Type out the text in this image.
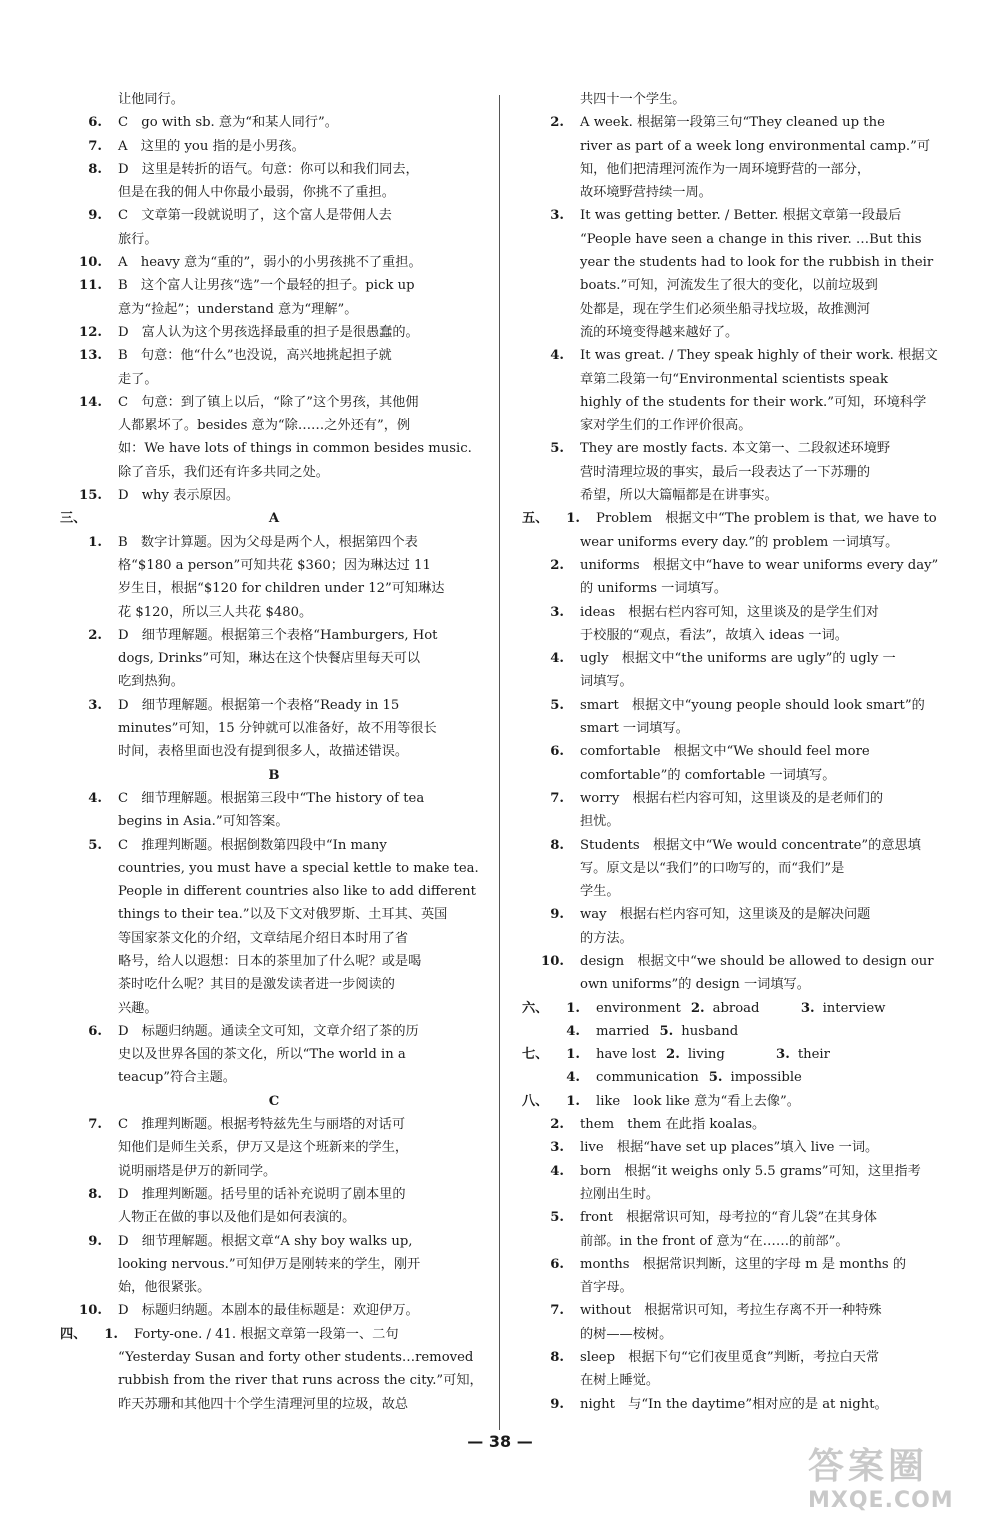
让他同行。
6. C　go with sb. 意为“和某人同行”。
7. A　这里的 you 指的是小男孩。
8. D　这里是转折的语气。句意：你可以和我们同去，
但是在我的佣人中你最小最弱，你挑不了重担。
9. C　文章第一段就说明了，这个富人是带佣人去
旅行。
10. A　heavy 意为“重的”，弱小的小男孩挑不了重担。
11. B　这个富人让男孩“选”一个最轻的担子。pick up
意为“捡起”；understand 意为“理解”。
12. D　富人认为这个男孩选择最重的担子是很愚蠢的。
13. B　句意：他“什么”也没说，高兴地挑起担子就
走了。
14. C　句意：到了镇上以后，“除了”这个男孩，其他佣
人都累坏了。besides 意为“除……之外还有”，例
如：We have lots of things in common besides music.
除了音乐，我们还有许多共同之处。
15. D　why 表示原因。
三、	A
1. B　数字计算题。因为父母是两个人，根据第四个表
格“$180 a person”可知共花 $360；因为琳达过 11
岁生日，根据“$120 for children under 12”可知琳达
花 $120，所以三人共花 $480。
2. D　细节理解题。根据第三个表格“Hamburgers, Hot
dogs, Drinks”可知，琳达在这个快餐店里每天可以
吃到热狗。
3. D　细节理解题。根据第一个表格“Ready in 15
minutes”可知，15 分钟就可以准备好，故不用等很长
时间，表格里面也没有提到很多人，故描述错误。
B
4. C　细节理解题。根据第三段中“The history of tea
begins in Asia.”可知答案。
5. C　推理判断题。根据倒数第四段中“In many
countries, you must have a special kettle to make tea.
People in different countries also like to add different
things to their tea.”以及下文对俄罗斯、土耳其、英国
等国家茶文化的介绍，文章结尾介绍日本时用了省
略号，给人以遐想：日本的茶里加了什么呢？或是喝
茶时吃什么呢？其目的是激发读者进一步阅读的
兴趣。
6. D　标题归纳题。通读全文可知，文章介绍了茶的历
史以及世界各国的茶文化，所以“The world in a
teacup”符合主题。
C
7. C　推理判断题。根据考特兹先生与丽塔的对话可
知他们是师生关系，伊万又是这个班新来的学生，
说明丽塔是伊万的新同学。
8. D　推理判断题。括号里的话补充说明了剧本里的
人物正在做的事以及他们是如何表演的。
9. D　细节理解题。根据文章“A shy boy walks up,
looking nervous.”可知伊万是刚转来的学生，刚开
始，他很紧张。
10. D　标题归纳题。本剧本的最佳标题是：欢迎伊万。
四、 1. Forty-one. / 41. 根据文章第一段第一、二句
“Yesterday Susan and forty other students…removed
rubbish from the river that runs across the city.”可知，
昨天苏珊和其他四十个学生清理河里的垃圾，故总
共四十一个学生。
2. A week. 根据第一段第三句“They cleaned up the
river as part of a week long environmental camp.”可
知，他们把清理河流作为一周环境野营的一部分，
故环境野营持续一周。
3. It was getting better. / Better. 根据文章第一段最后
“People have seen a change in this river. …But this
year the students had to look for the rubbish in their
boats.”可知，河流发生了很大的变化，以前垃圾到
处都是，现在学生们必须坐船寻找垃圾，故推测河
流的环境变得越来越好了。
4. It was great. / They speak highly of their work. 根据文
章第二段第一句“Environmental scientists speak
highly of the students for their work.”可知，环境科学
家对学生们的工作评价很高。
5. They are mostly facts. 本文第一、二段叙述环境野
营时清理垃圾的事实，最后一段表达了一下苏珊的
希望，所以大篇幅都是在讲事实。
五、 1. Problem　根据文中“The problem is that, we have to
wear uniforms every day.”的 problem 一词填写。
2. uniforms　根据文中“have to wear uniforms every day”
的 uniforms 一词填写。
3. ideas　根据右栏内容可知，这里谈及的是学生们对
于校服的“观点，看法”，故填入 ideas 一词。
4. ugly　根据文中“the uniforms are ugly”的 ugly 一
词填写。
5. smart　根据文中“young people should look smart”的
smart 一词填写。
6. comfortable　根据文中“We should feel more
comfortable”的 comfortable 一词填写。
7. worry　根据右栏内容可知，这里谈及的是老师们的
担忧。
8. Students　根据文中“We would concentrate”的意思填
写。原文是以“我们”的口吻写的，而“我们”是
学生。
9. way　根据右栏内容可知，这里谈及的是解决问题
的方法。
10. design　根据文中“we should be allowed to design our
own uniforms”的 design 一词填写。
六、 1. environment 2. abroad	3. interview
4. married 5. husband
七、 1. have lost 2. living	3. their
4. communication 5. impossible
八、 1. like　look like 意为“看上去像”。
2. them　them 在此指 koalas。
3. live　根据“have set up places”填入 live 一词。
4. born　根据“it weighs only 5.5 grams”可知，这里指考
拉刚出生时。
5. front　根据常识可知，母考拉的“育儿袋”在其身体
前部。in the front of 意为“在……的前部”。
6. months　根据常识判断，这里的字母 m 是 months 的
首字母。
7. without　根据常识可知，考拉生存离不开一种特殊
的树——桉树。
8. sleep　根据下句“它们夜里觅食”判断，考拉白天常
在树上睡觉。
9. night　与“In the daytime”相对应的是 at night。
— 38 —
答案圈
MXQE.COM
